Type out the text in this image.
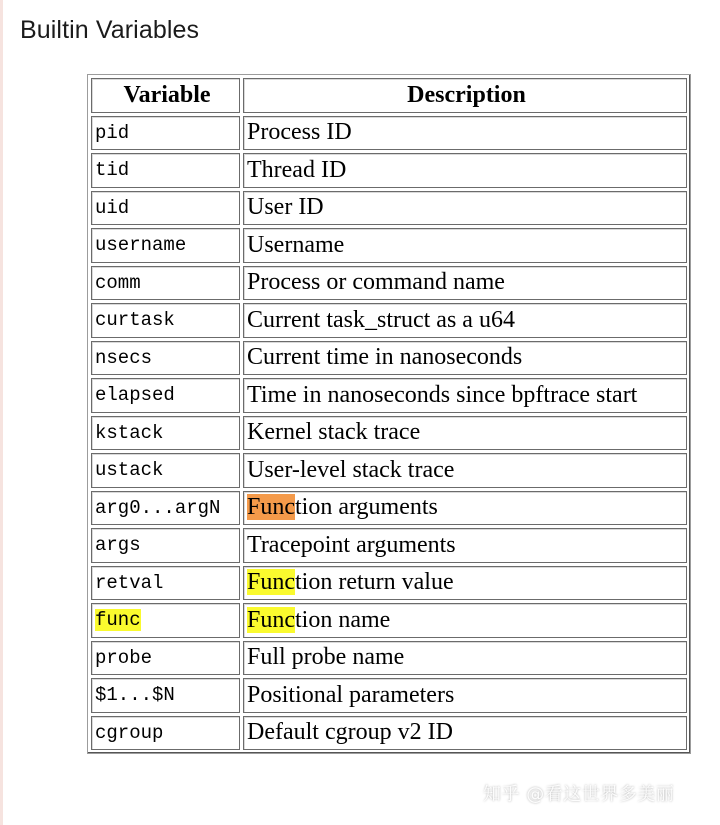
Builtin Variables
Variable	Description
pid	Process ID
tid	Thread ID
uid	User ID
username	Username
comm	Process or command name
curtask	Current task_struct as a u64
nsecs	Current time in nanoseconds
elapsed	Time in nanoseconds since bpftrace start
kstack	Kernel stack trace
ustack	User-level stack trace
arg0...argN	Function arguments
args	Tracepoint arguments
retval	Function return value
func	Function name
probe	Full probe name
$1...$N	Positional parameters
cgroup	Default cgroup v2 ID
知乎 @看这世界多美丽
